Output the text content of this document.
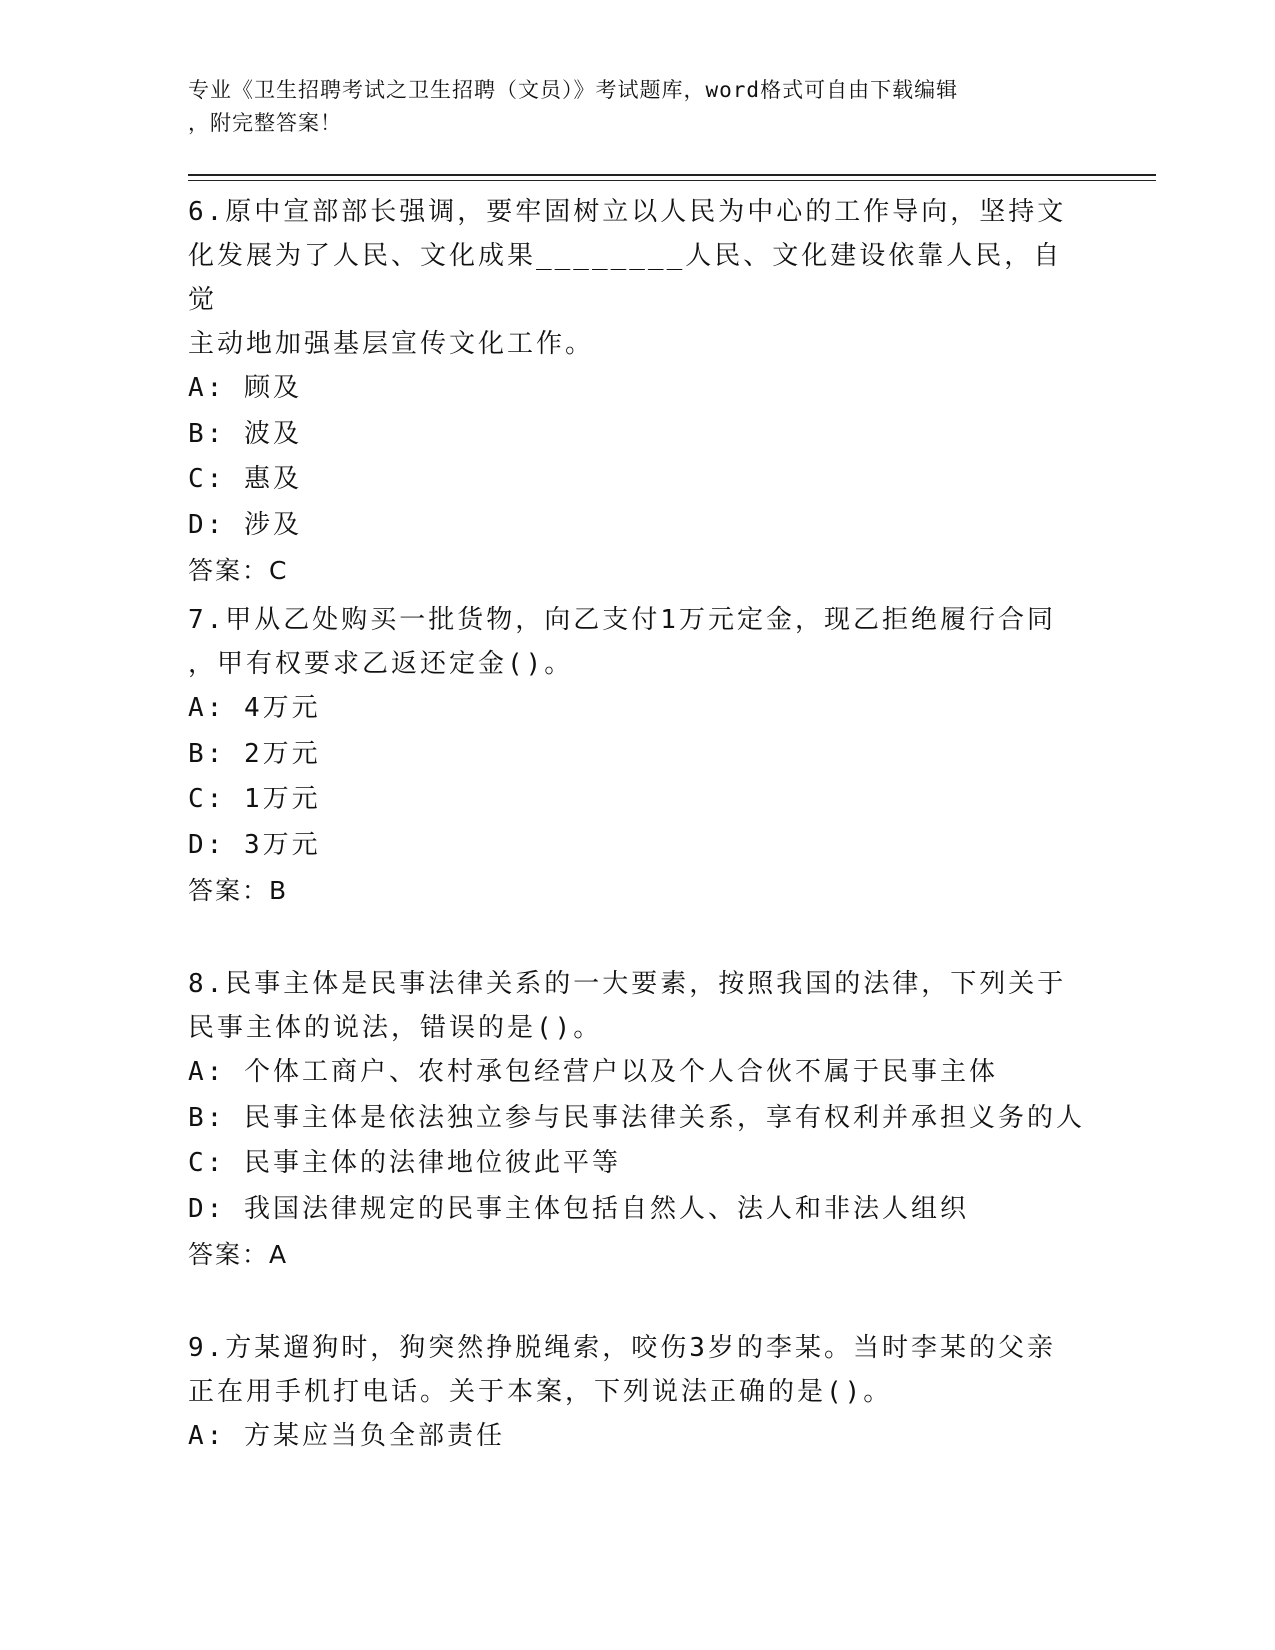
专业《卫生招聘考试之卫生招聘（文员）》考试题库，word格式可自由下载编辑
，附完整答案！

6.原中宣部部长强调，要牢固树立以人民为中心的工作导向，坚持文
化发展为了人民、文化成果________人民、文化建设依靠人民，自觉
主动地加强基层宣传文化工作。

A: 顾及

B: 波及

C: 惠及

D: 涉及

答案：C

7.甲从乙处购买一批货物，向乙支付1万元定金，现乙拒绝履行合同
，甲有权要求乙返还定金()。

A: 4万元

B: 2万元

C: 1万元

D: 3万元

答案：B

8.民事主体是民事法律关系的一大要素，按照我国的法律，下列关于
民事主体的说法，错误的是()。

A: 个体工商户、农村承包经营户以及个人合伙不属于民事主体

B: 民事主体是依法独立参与民事法律关系，享有权利并承担义务的人

C: 民事主体的法律地位彼此平等

D: 我国法律规定的民事主体包括自然人、法人和非法人组织

答案：A

9.方某遛狗时，狗突然挣脱绳索，咬伤3岁的李某。当时李某的父亲
正在用手机打电话。关于本案，下列说法正确的是()。

A: 方某应当负全部责任
